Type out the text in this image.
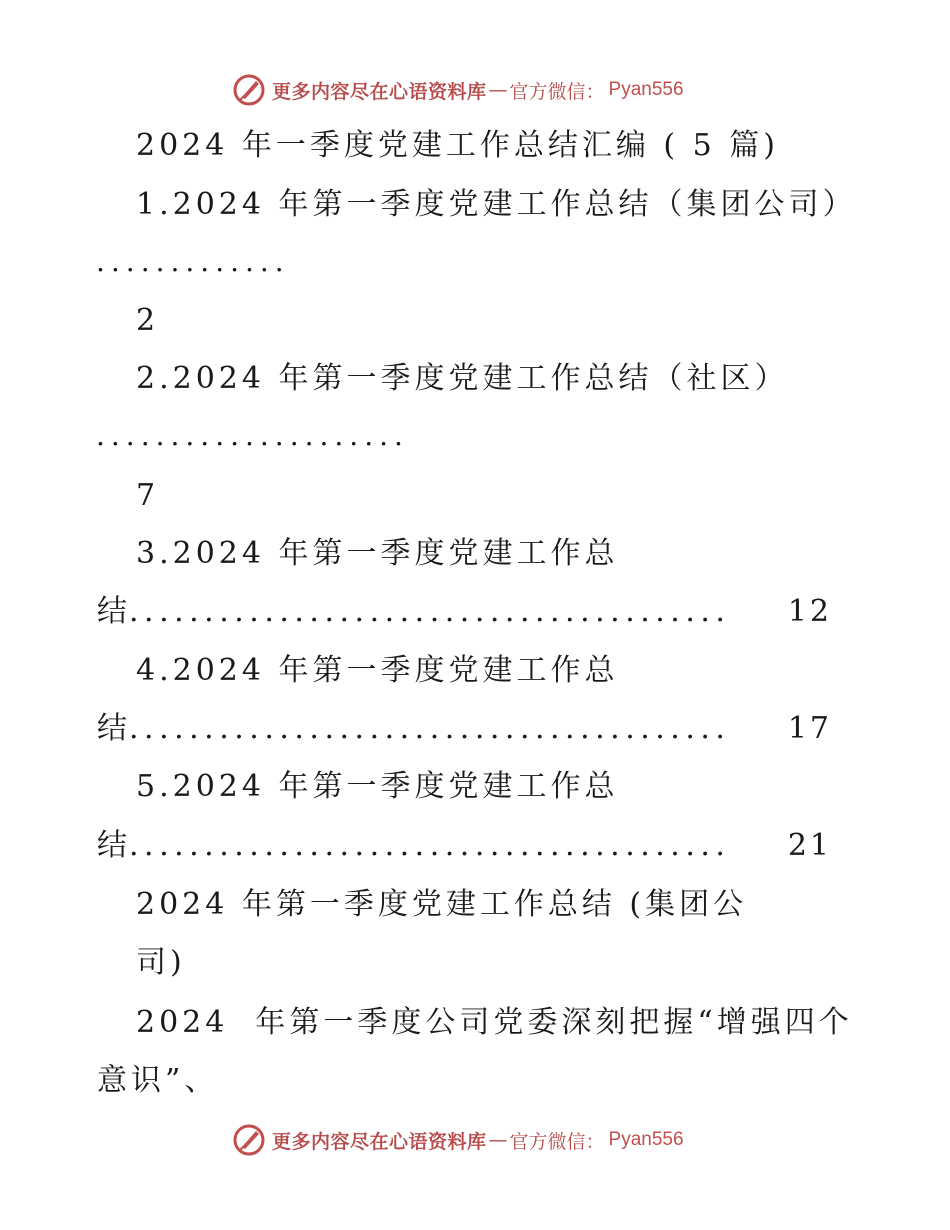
更多内容尽在心语资料库 — 官方微信： Pyan556
2024 年一季度党建工作总结汇编 ( 5 篇)
1.2024 年第一季度党建工作总结（集团公司）
.............
2
2.2024 年第一季度党建工作总结（社区）
.....................
7
3.2024 年第一季度党建工作总
结 ........................................	12
4.2024 年第一季度党建工作总
结 ........................................	17
5.2024 年第一季度党建工作总
结 ........................................	21
2024 年第一季度党建工作总结 (集团公
司)
2024  年第一季度公司党委深刻把握“增强四个
意识”、
更多内容尽在心语资料库 — 官方微信： Pyan556
